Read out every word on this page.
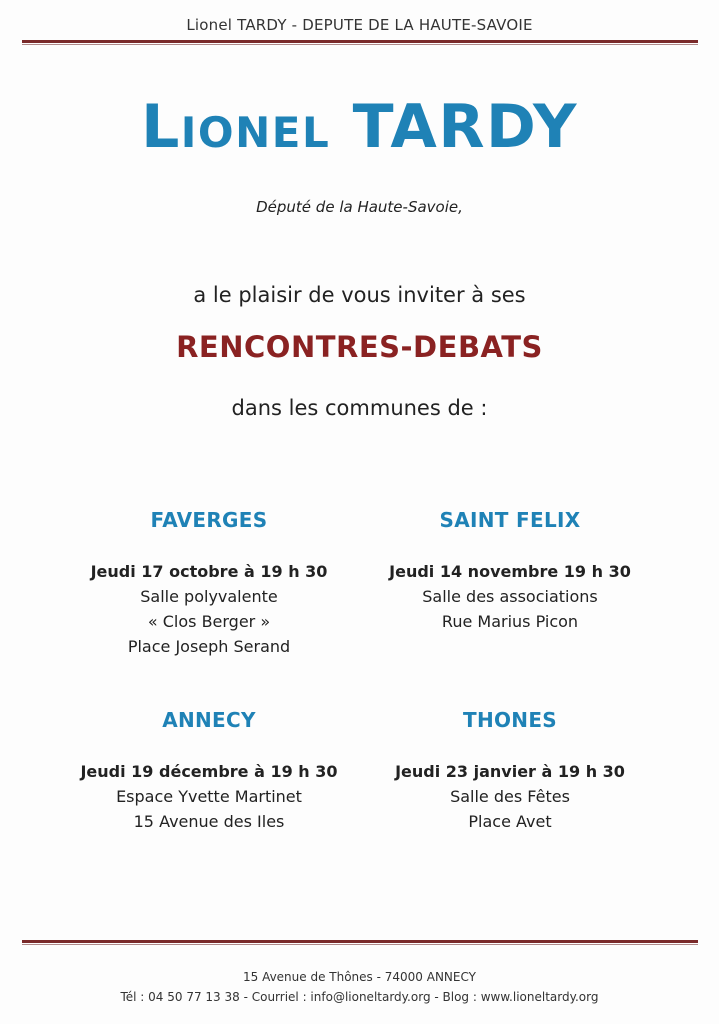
Lionel TARDY - DEPUTE DE LA HAUTE-SAVOIE
Lionel TARDY
Député de la Haute-Savoie,
a le plaisir de vous inviter à ses
RENCONTRES-DEBATS
dans les communes de :
FAVERGES
Jeudi 17 octobre à 19 h 30
Salle polyvalente
« Clos Berger »
Place Joseph Serand
SAINT FELIX
Jeudi 14 novembre 19 h 30
Salle des associations
Rue Marius Picon
ANNECY
Jeudi 19 décembre à 19 h 30
Espace Yvette Martinet
15 Avenue des Iles
THONES
Jeudi 23 janvier à 19 h 30
Salle des Fêtes
Place Avet
15 Avenue de Thônes - 74000 ANNECY
Tél : 04 50 77 13 38 - Courriel : info@lioneltardy.org - Blog : www.lioneltardy.org
